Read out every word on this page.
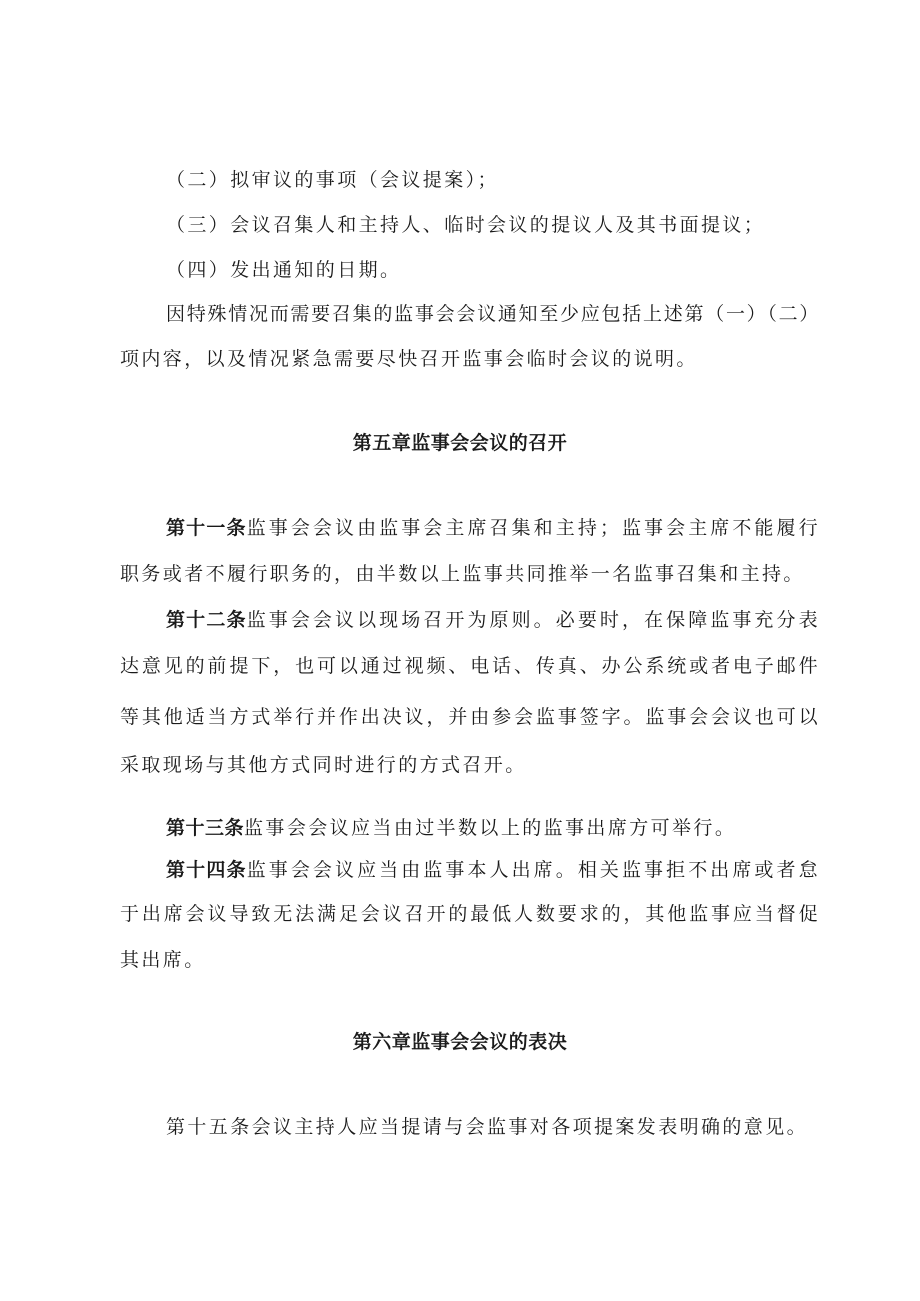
（二）拟审议的事项（会议提案）；
（三）会议召集人和主持人、临时会议的提议人及其书面提议；
（四）发出通知的日期。
因特殊情况而需要召集的监事会会议通知至少应包括上述第（一）（二）
项内容，以及情况紧急需要尽快召开监事会临时会议的说明。
第五章监事会会议的召开
第十一条监事会会议由监事会主席召集和主持；监事会主席不能履行
职务或者不履行职务的，由半数以上监事共同推举一名监事召集和主持。
第十二条监事会会议以现场召开为原则。必要时，在保障监事充分表
达意见的前提下，也可以通过视频、电话、传真、办公系统或者电子邮件
等其他适当方式举行并作出决议，并由参会监事签字。监事会会议也可以
采取现场与其他方式同时进行的方式召开。
第十三条监事会会议应当由过半数以上的监事出席方可举行。
第十四条监事会会议应当由监事本人出席。相关监事拒不出席或者怠
于出席会议导致无法满足会议召开的最低人数要求的，其他监事应当督促
其出席。
第六章监事会会议的表决
第十五条会议主持人应当提请与会监事对各项提案发表明确的意见。
